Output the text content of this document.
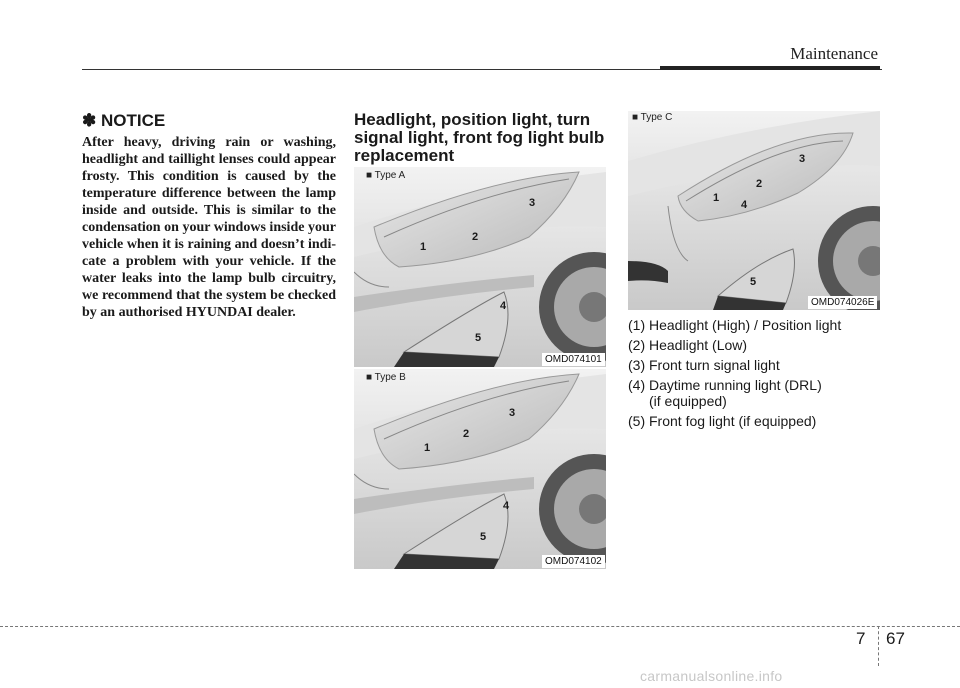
Maintenance
✽ NOTICE

After heavy, driving rain or washing, headlight and taillight lenses could appear frosty. This condition is caused by the temperature difference between the lamp inside and outside. This is similar to the condensation on your windows inside your vehicle when it is raining and doesn’t indi-cate a problem with your vehicle. If the water leaks into the lamp bulb circuitry, we recommend that the system be checked by an authorised HYUNDAI dealer.

Headlight, position light, turn signal light, front fog light bulb replacement
■ Type A
1
2
3
4
5
OMD074101
■ Type B
1
2
3
4
5
OMD074102
■ Type C
1
2
3
4
5
OMD074026E
(1) Headlight (High) / Position light
(2) Headlight (Low)
(3) Front turn signal light
(4) Daytime running light (DRL)
(if equipped)
(5) Front fog light (if equipped)
7 67
carmanualsonline.info
